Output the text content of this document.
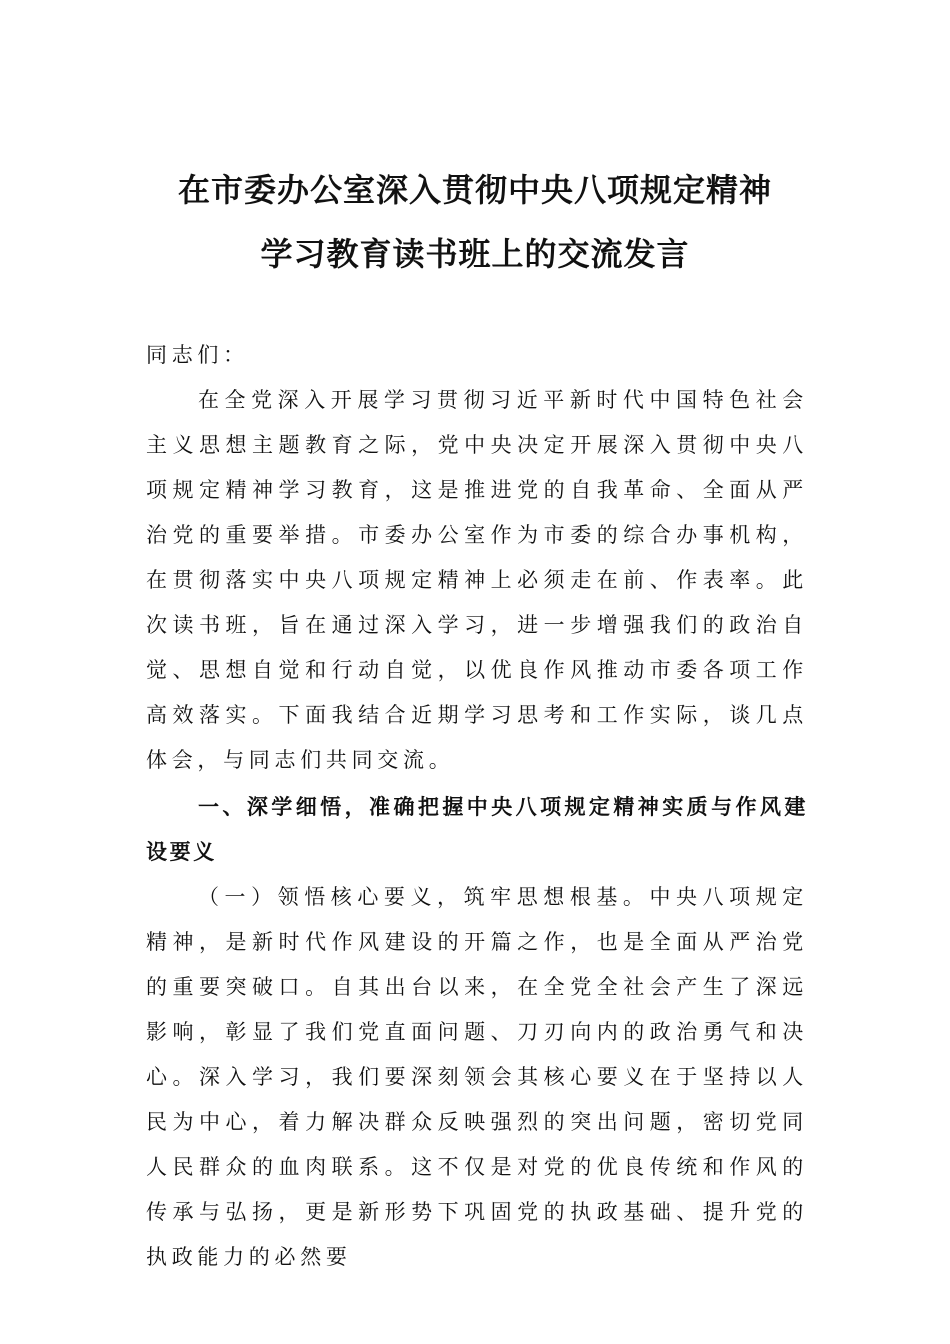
在市委办公室深入贯彻中央八项规定精神
学习教育读书班上的交流发言

同志们：

在全党深入开展学习贯彻习近平新时代中国特色社会主义思想主题教育之际，党中央决定开展深入贯彻中央八项规定精神学习教育，这是推进党的自我革命、全面从严治党的重要举措。市委办公室作为市委的综合办事机构，在贯彻落实中央八项规定精神上必须走在前、作表率。此次读书班，旨在通过深入学习，进一步增强我们的政治自觉、思想自觉和行动自觉，以优良作风推动市委各项工作高效落实。下面我结合近期学习思考和工作实际，谈几点体会，与同志们共同交流。

一、深学细悟，准确把握中央八项规定精神实质与作风建设要义

（一）领悟核心要义，筑牢思想根基。中央八项规定精神，是新时代作风建设的开篇之作，也是全面从严治党的重要突破口。自其出台以来，在全党全社会产生了深远影响，彰显了我们党直面问题、刀刃向内的政治勇气和决心。深入学习，我们要深刻领会其核心要义在于坚持以人民为中心，着力解决群众反映强烈的突出问题，密切党同人民群众的血肉联系。这不仅是对党的优良传统和作风的传承与弘扬，更是新形势下巩固党的执政基础、提升党的执政能力的必然要
